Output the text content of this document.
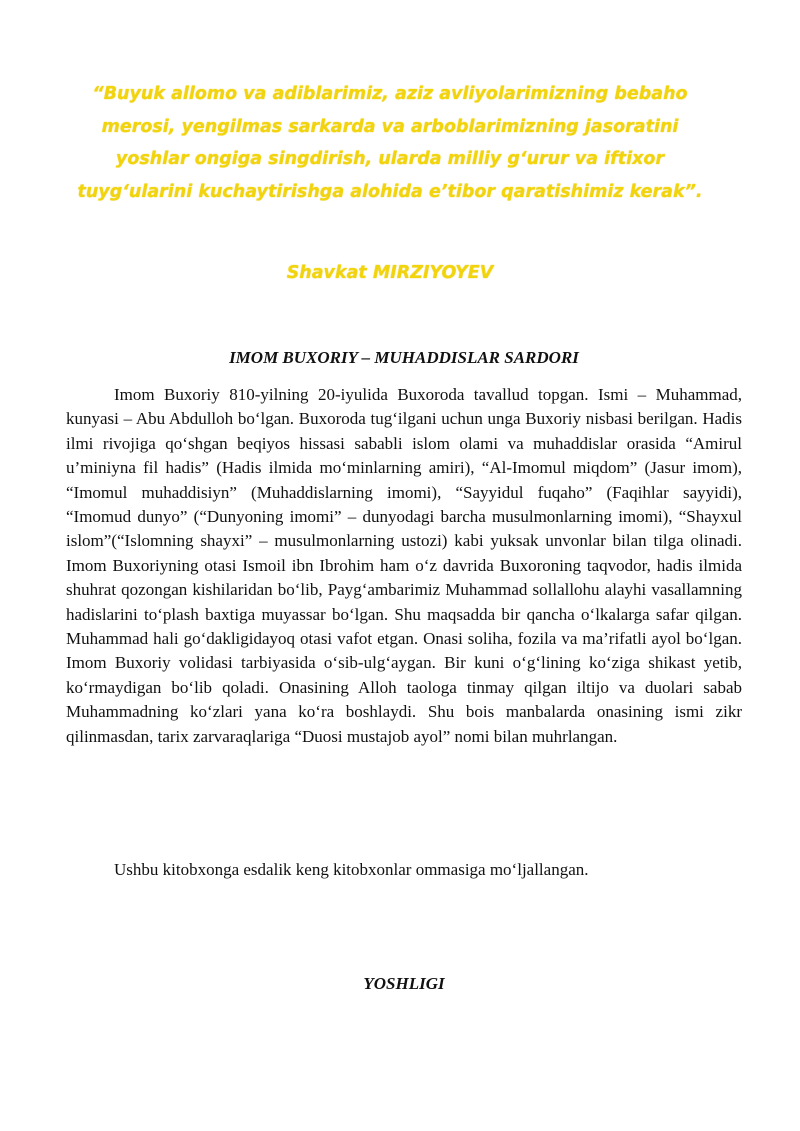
“Buyuk allomo va adiblarimiz, aziz avliyolarimizning bebaho merosi, yengilmas sarkarda va arboblarimizning jasoratini yoshlar ongiga singdirish, ularda milliy g‘urur va iftixor tuyg‘ularini kuchaytirishga alohida e’tibor qaratishimiz kerak”.
Shavkat MIRZIYOYEV
IMOM BUXORIY – MUHADDISLAR SARDORI

Imom Buxoriy 810-yilning 20-iyulida Buxoroda tavallud topgan. Ismi – Muhammad, kunyasi – Abu Abdulloh bo‘lgan. Buxoroda tug‘ilgani uchun unga Buxoriy nisbasi berilgan. Hadis ilmi rivojiga qo‘shgan beqiyos hissasi sababli islom olami va muhaddislar orasida “Amirul u’miniyna fil hadis” (Hadis ilmida mo‘minlarning amiri), “Al-Imomul miqdom” (Jasur imom), “Imomul muhaddisiyn” (Muhaddislarning imomi), “Sayyidul fuqaho” (Faqihlar sayyidi), “Imomud dunyo” (“Dunyoning imomi” – dunyodagi barcha musulmonlarning imomi), “Shayxul islom”(“Islomning shayxi” – musulmonlarning ustozi) kabi yuksak unvonlar bilan tilga olinadi. Imom Buxoriyning otasi Ismoil ibn Ibrohim ham o‘z davrida Buxoroning taqvodor, hadis ilmida shuhrat qozongan kishilaridan bo‘lib, Payg‘ambarimiz Muhammad sollallohu alayhi vasallamning hadislarini to‘plash baxtiga muyassar bo‘lgan. Shu maqsadda bir qancha o‘lkalarga safar qilgan. Muhammad hali go‘dakligidayoq otasi vafot etgan. Onasi soliha, fozila va ma’rifatli ayol bo‘lgan. Imom Buxoriy volidasi tarbiyasida o‘sib-ulg‘aygan. Bir kuni o‘g‘lining ko‘ziga shikast yetib, ko‘rmaydigan bo‘lib qoladi. Onasining Alloh taologa tinmay qilgan iltijo va duolari sabab Muhammadning ko‘zlari yana ko‘ra boshlaydi. Shu bois manbalarda onasining ismi zikr qilinmasdan, tarix zarvaraqlariga “Duosi mustajob ayol” nomi bilan muhrlangan.

Ushbu kitobxonga esdalik keng kitobxonlar ommasiga mo‘ljallangan.

YOSHLIGI
